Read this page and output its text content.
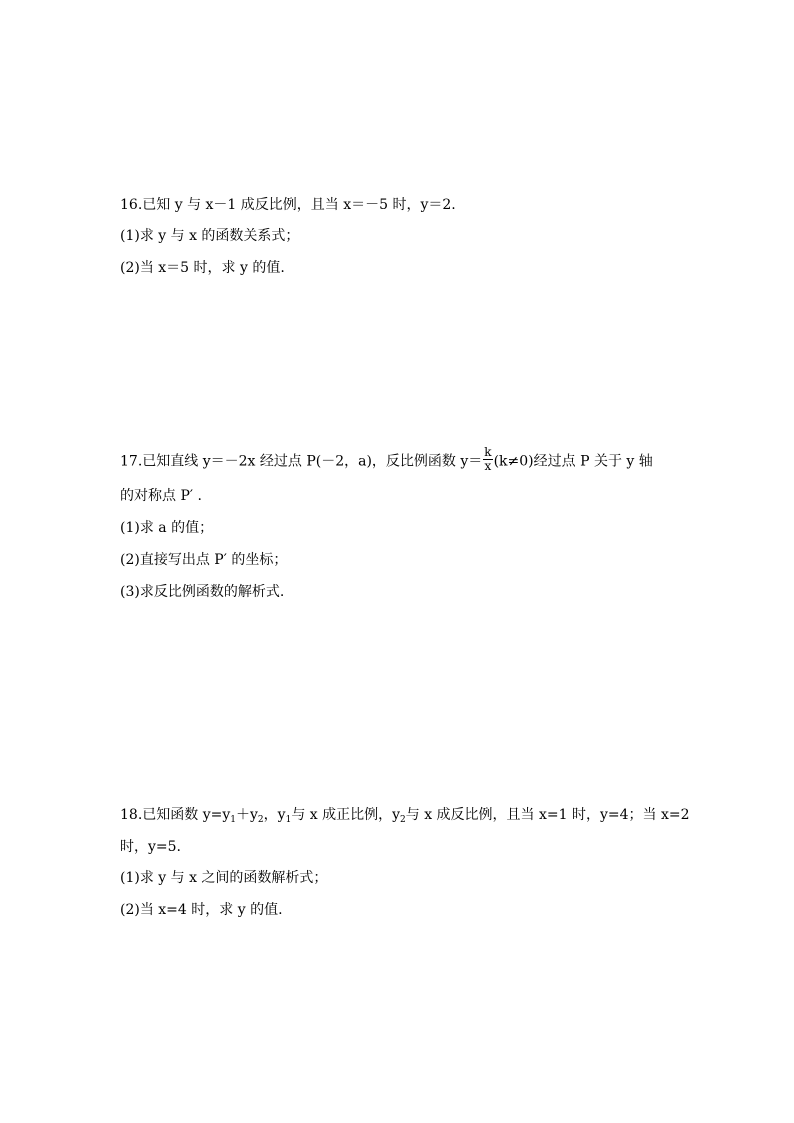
16.已知 y 与 x－1 成反比例，且当 x＝－5 时，y＝2.
(1)求 y 与 x 的函数关系式；
(2)当 x＝5 时，求 y 的值.
17.已知直线 y＝－2x 经过点 P(－2，a)，反比例函数 $y= \frac{k}{x} (k\ne 0)$经过点 P 关于 y 轴
的对称点 P′ .
(1)求 a 的值；
(2)直接写出点 P′ 的坐标；
(3)求反比例函数的解析式.
18.已知函数 $y=y_1+y_2$，$y_1$与 x 成正比例，$y_2$与 x 成反比例，且当 x=1 时，y=4；当 x=2
时，y=5.
(1)求 y 与 x 之间的函数解析式；
(2)当 x=4 时，求 y 的值.
